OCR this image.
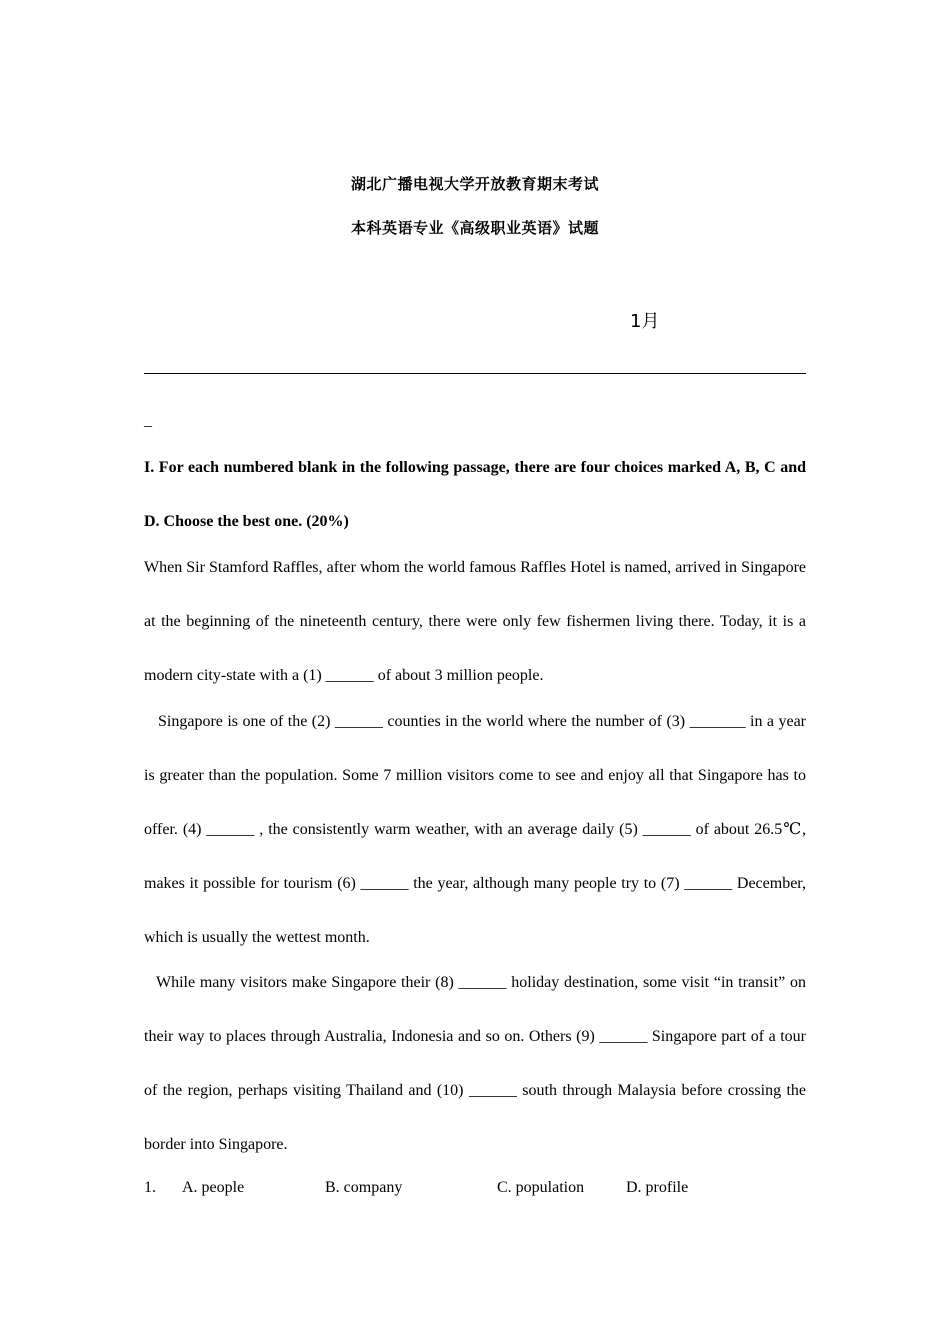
湖北广播电视大学开放教育期末考试
本科英语专业《高级职业英语》试题
1月
_
I. For each numbered blank in the following passage, there are four choices marked A, B, C and D. Choose the best one. (20%)
When Sir Stamford Raffles, after whom the world famous Raffles Hotel is named, arrived in Singapore at the beginning of the nineteenth century, there were only few fishermen living there. Today, it is a modern city-state with a (1) ______ of about 3 million people.
Singapore is one of the (2) ______ counties in the world where the number of (3) _______ in a year is greater than the population. Some 7 million visitors come to see and enjoy all that Singapore has to offer. (4) ______ , the consistently warm weather, with an average daily (5) ______ of about 26.5℃, makes it possible for tourism (6) ______ the year, although many people try to (7) ______ December, which is usually the wettest month.
While many visitors make Singapore their (8) ______ holiday destination, some visit “in transit” on their way to places through Australia, Indonesia and so on. Others (9) ______ Singapore part of a tour of the region, perhaps visiting Thailand and (10) ______ south through Malaysia before crossing the border into Singapore.
1. A. people	B. company	C. population	D. profile
